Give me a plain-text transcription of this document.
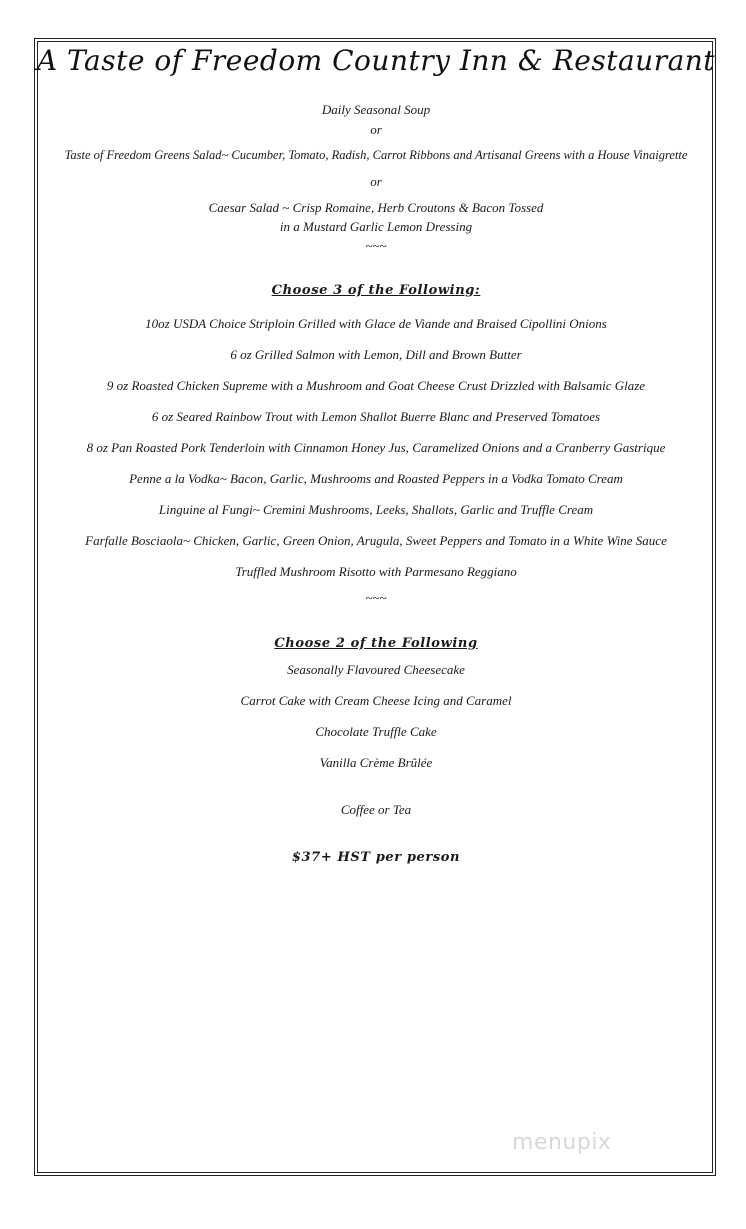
A Taste of Freedom Country Inn & Restaurant
Daily Seasonal Soup
or
Taste of Freedom Greens Salad~ Cucumber, Tomato, Radish, Carrot Ribbons and Artisanal Greens with a House Vinaigrette
or
Caesar Salad ~ Crisp Romaine, Herb Croutons & Bacon Tossed
in a Mustard Garlic Lemon Dressing
~~~
Choose 3 of the Following:
10oz USDA Choice Striploin Grilled with Glace de Viande and Braised Cipollini Onions
6 oz Grilled Salmon with Lemon, Dill and Brown Butter
9 oz Roasted Chicken Supreme with a Mushroom and Goat Cheese Crust Drizzled with Balsamic Glaze
6 oz Seared Rainbow Trout with Lemon Shallot Buerre Blanc and Preserved Tomatoes
8 oz Pan Roasted Pork Tenderloin with Cinnamon Honey Jus, Caramelized Onions and a Cranberry Gastrique
Penne a la Vodka~ Bacon, Garlic, Mushrooms and Roasted Peppers in a Vodka Tomato Cream
Linguine al Fungi~ Cremini Mushrooms, Leeks, Shallots, Garlic and Truffle Cream
Farfalle Bosciaola~ Chicken, Garlic, Green Onion, Arugula, Sweet Peppers and Tomato in a White Wine Sauce
Truffled Mushroom Risotto with Parmesano Reggiano
~~~
Choose 2 of the Following
Seasonally Flavoured Cheesecake
Carrot Cake with Cream Cheese Icing and Caramel
Chocolate Truffle Cake
Vanilla Crème Brûlée
Coffee or Tea
$37+ HST per person
menupix
